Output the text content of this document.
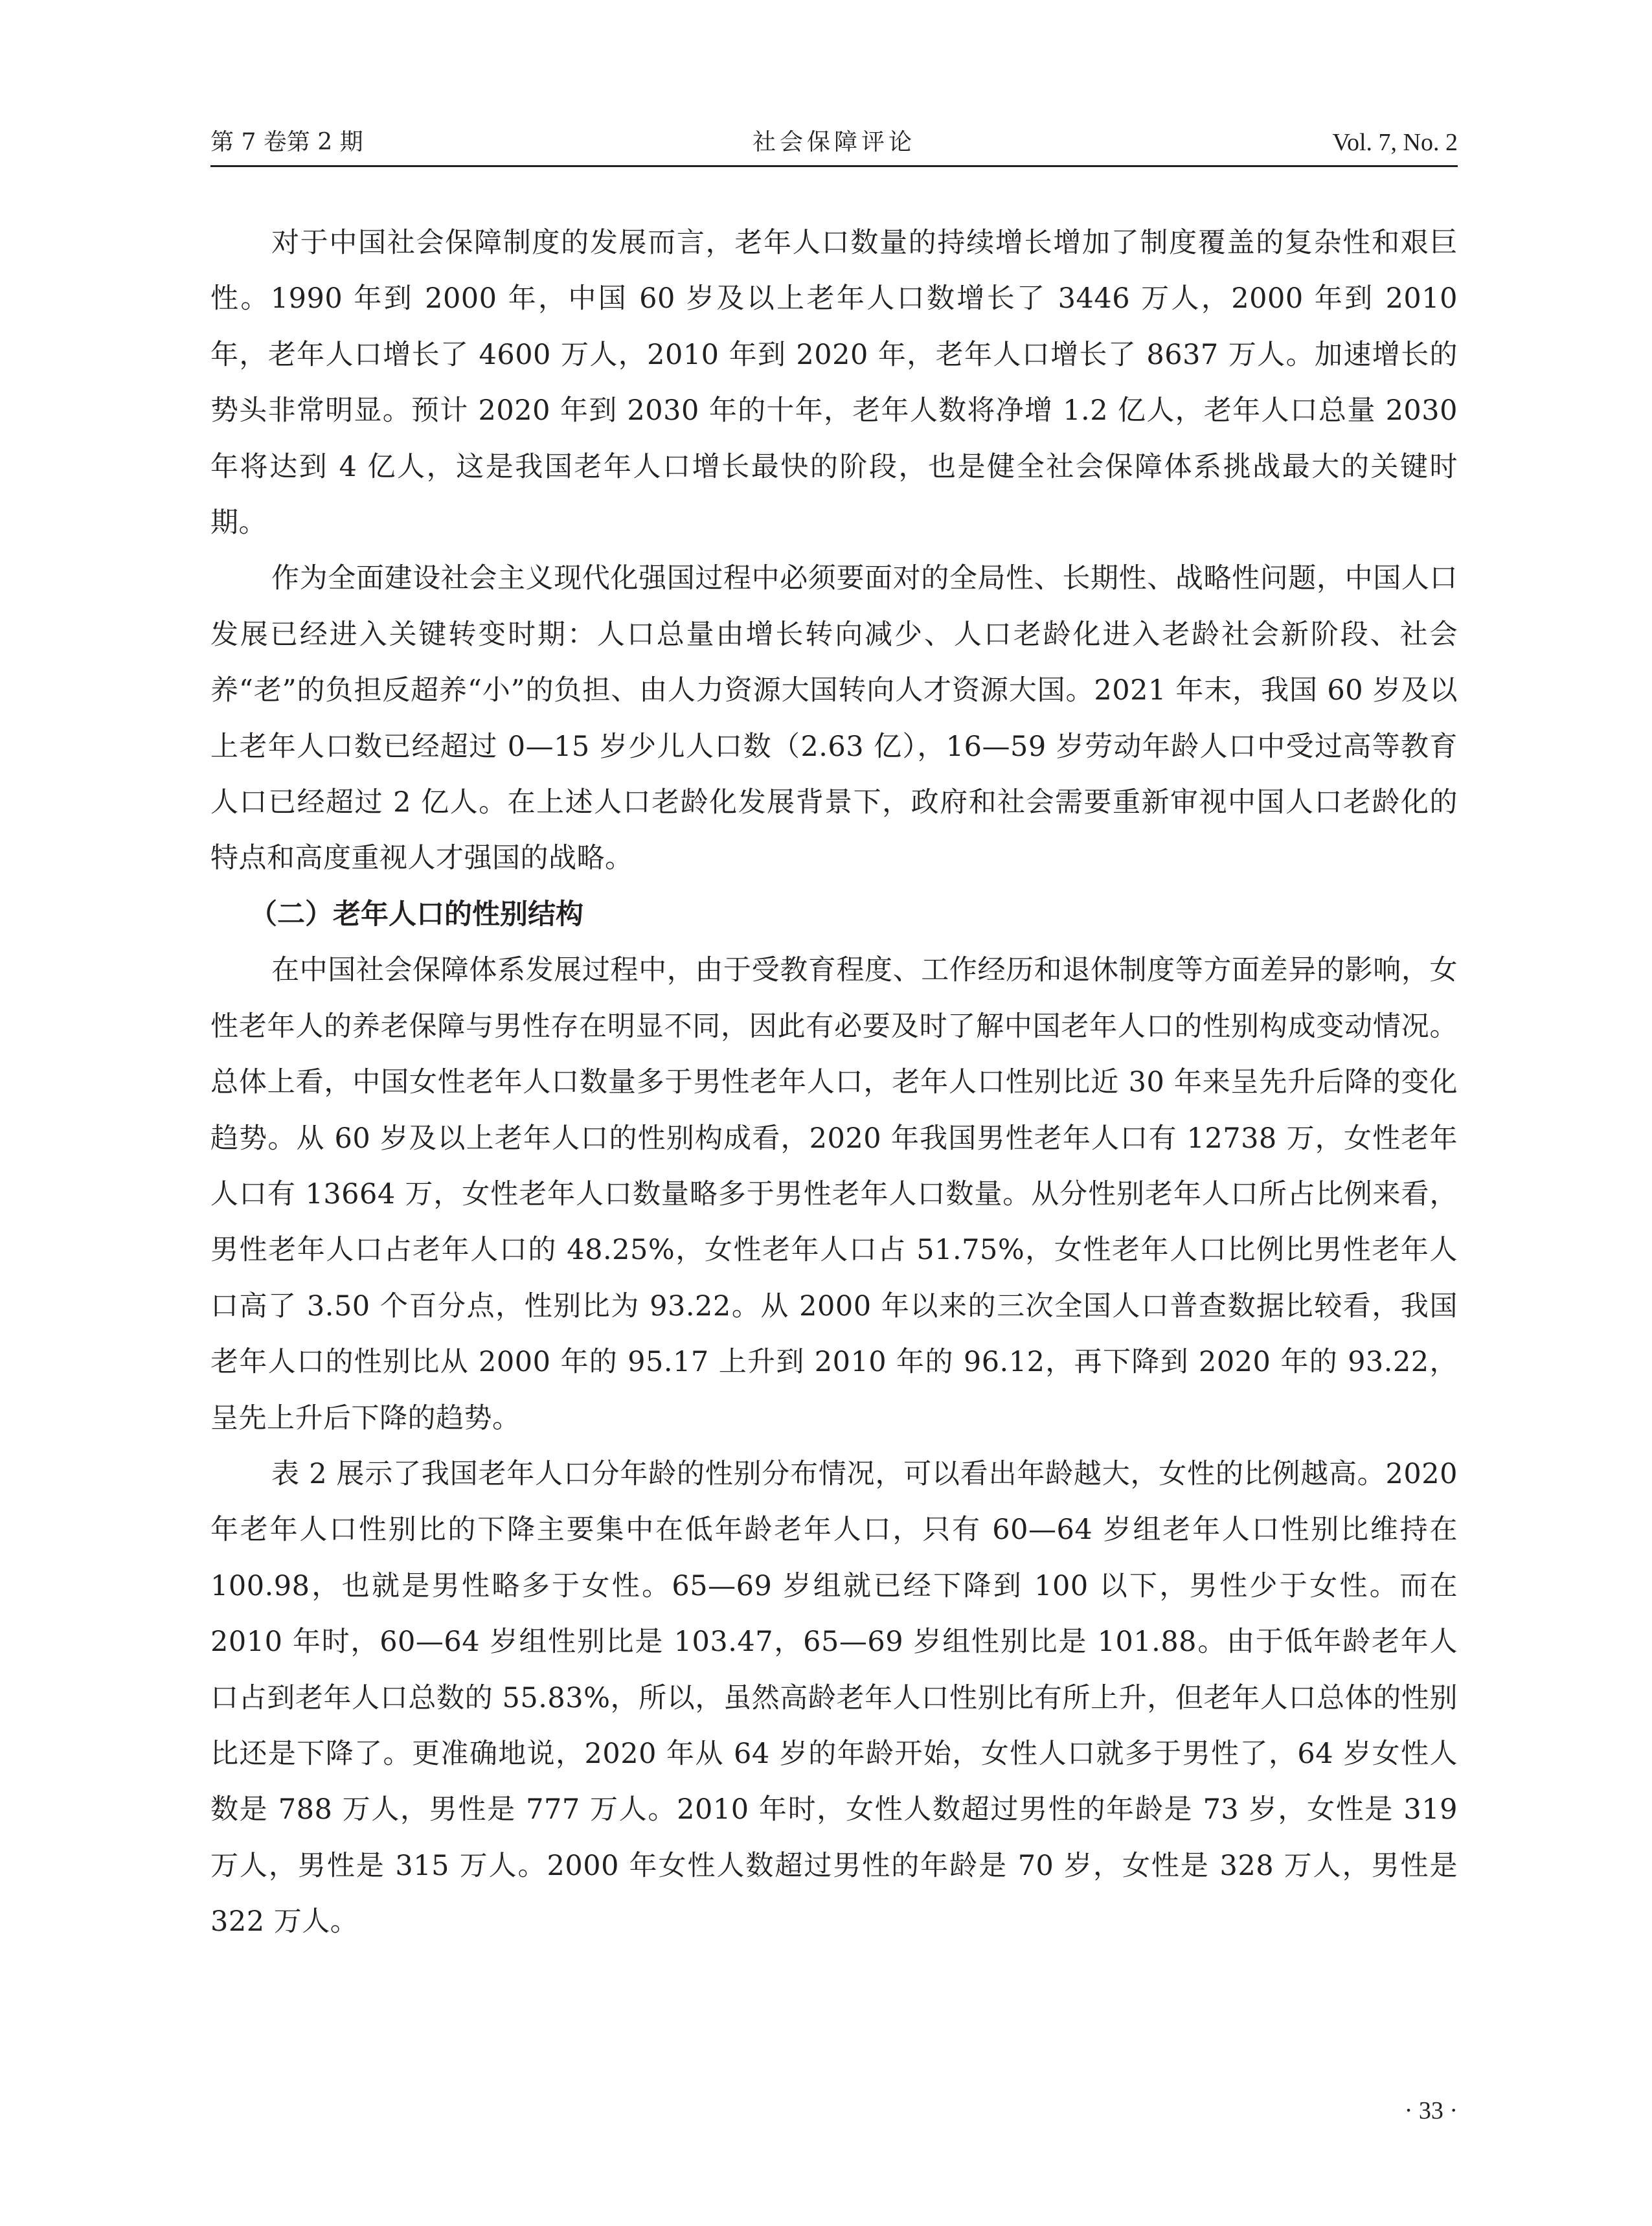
第 7 卷第 2 期	社会保障评论	Vol. 7, No. 2

对于中国社会保障制度的发展而言，老年人口数量的持续增长增加了制度覆盖的复杂性和艰巨性。1990 年到 2000 年，中国 60 岁及以上老年人口数增长了 3446 万人，2000 年到 2010 年，老年人口增长了 4600 万人，2010 年到 2020 年，老年人口增长了 8637 万人。加速增长的势头非常明显。预计 2020 年到 2030 年的十年，老年人数将净增 1.2 亿人，老年人口总量 2030 年将达到 4 亿人，这是我国老年人口增长最快的阶段，也是健全社会保障体系挑战最大的关键时期。

作为全面建设社会主义现代化强国过程中必须要面对的全局性、长期性、战略性问题，中国人口发展已经进入关键转变时期：人口总量由增长转向减少、人口老龄化进入老龄社会新阶段、社会养“老”的负担反超养“小”的负担、由人力资源大国转向人才资源大国。2021 年末，我国 60 岁及以上老年人口数已经超过 0—15 岁少儿人口数（2.63 亿），16—59 岁劳动年龄人口中受过高等教育人口已经超过 2 亿人。在上述人口老龄化发展背景下，政府和社会需要重新审视中国人口老龄化的特点和高度重视人才强国的战略。

（二）老年人口的性别结构

在中国社会保障体系发展过程中，由于受教育程度、工作经历和退休制度等方面差异的影响，女性老年人的养老保障与男性存在明显不同，因此有必要及时了解中国老年人口的性别构成变动情况。总体上看，中国女性老年人口数量多于男性老年人口，老年人口性别比近 30 年来呈先升后降的变化趋势。从 60 岁及以上老年人口的性别构成看，2020 年我国男性老年人口有 12738 万，女性老年人口有 13664 万，女性老年人口数量略多于男性老年人口数量。从分性别老年人口所占比例来看，男性老年人口占老年人口的 48.25%，女性老年人口占 51.75%，女性老年人口比例比男性老年人口高了 3.50 个百分点，性别比为 93.22。从 2000 年以来的三次全国人口普查数据比较看，我国老年人口的性别比从 2000 年的 95.17 上升到 2010 年的 96.12，再下降到 2020 年的 93.22，呈先上升后下降的趋势。

表 2 展示了我国老年人口分年龄的性别分布情况，可以看出年龄越大，女性的比例越高。2020 年老年人口性别比的下降主要集中在低年龄老年人口，只有 60—64 岁组老年人口性别比维持在 100.98，也就是男性略多于女性。65—69 岁组就已经下降到 100 以下，男性少于女性。而在 2010 年时，60—64 岁组性别比是 103.47，65—69 岁组性别比是 101.88。由于低年龄老年人口占到老年人口总数的 55.83%，所以，虽然高龄老年人口性别比有所上升，但老年人口总体的性别比还是下降了。更准确地说，2020 年从 64 岁的年龄开始，女性人口就多于男性了，64 岁女性人数是 788 万人，男性是 777 万人。2010 年时，女性人数超过男性的年龄是 73 岁，女性是 319 万人，男性是 315 万人。2000 年女性人数超过男性的年龄是 70 岁，女性是 328 万人，男性是 322 万人。

· 33 ·
